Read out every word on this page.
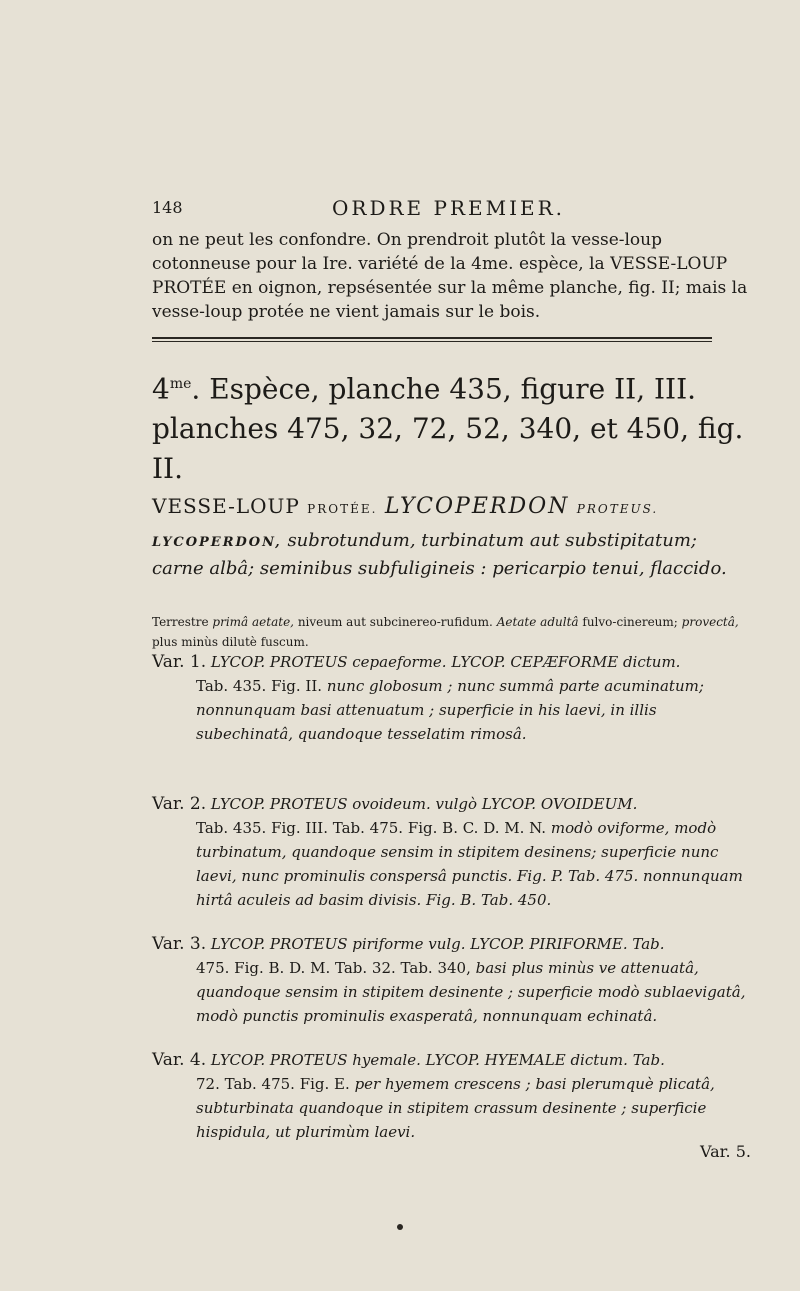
148	ORDRE PREMIER.

on ne peut les confondre. On prendroit plutôt la vesse-loup cotonneuse pour la Ire. variété de la 4me. espèce, la VESSE-LOUP PROTÉE en oignon, repsésentée sur la même planche, fig. II; mais la vesse-loup protée ne vient jamais sur le bois.

$4^{me}$. Espèce, planche 435, figure II, III. planches 475, 32, 72, 52, 340, et 450, fig. II.
VESSE-LOUP PROTÉE. LYCOPERDON PROTEUS.
LYCOPERDON, subrotundum, turbinatum aut substipitatum; carne albâ; seminibus subfuligineis : pericarpio tenui, flaccido.
Terrestre primâ aetate, niveum aut subcinereo-rufidum. Aetate adultâ fulvo-cinereum; provectâ, plus minùs dilutè fuscum.
Var. 1. LYCOP. PROTEUS cepaeforme. LYCOP. CEPÆFORME dictum.
Tab. 435. Fig. II. nunc globosum ; nunc summâ parte acuminatum; nonnunquam basi attenuatum ; superficie in his laevi, in illis subechinatâ, quandoque tesselatim rimosâ.
Var. 2. LYCOP. PROTEUS ovoideum. vulgò LYCOP. OVOIDEUM.
Tab. 435. Fig. III. Tab. 475. Fig. B. C. D. M. N. modò oviforme, modò turbinatum, quandoque sensim in stipitem desinens; superficie nunc laevi, nunc prominulis conspersâ punctis. Fig. P. Tab. 475. nonnunquam hirtâ aculeis ad basim divisis. Fig. B. Tab. 450.
Var. 3. LYCOP. PROTEUS piriforme vulg. LYCOP. PIRIFORME. Tab.
475. Fig. B. D. M. Tab. 32. Tab. 340, basi plus minùs ve attenuatâ, quandoque sensim in stipitem desinente ; superficie modò sublaevigatâ, modò punctis prominulis exasperatâ, nonnunquam echinatâ.
Var. 4. LYCOP. PROTEUS hyemale. LYCOP. HYEMALE dictum. Tab.
72. Tab. 475. Fig. E. per hyemem crescens ; basi plerumquè plicatâ, subturbinata quandoque in stipitem crassum desinente ; superficie hispidula, ut plurimùm laevi.
Var. 5.
